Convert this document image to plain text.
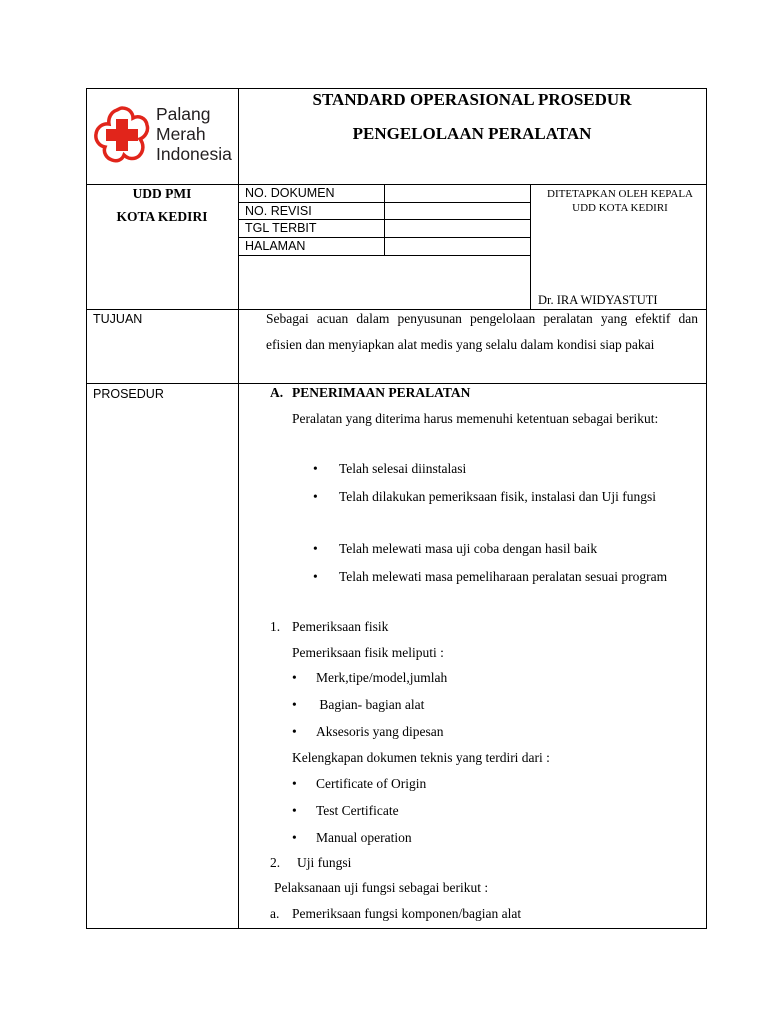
Palang
Merah
Indonesia
STANDARD OPERASIONAL PROSEDUR
PENGELOLAAN PERALATAN
UDD PMI
KOTA KEDIRI
NO. DOKUMEN
NO. REVISI
TGL TERBIT
HALAMAN
DITETAPKAN OLEH KEPALA UDD KOTA KEDIRI
Dr. IRA WIDYASTUTI
TUJUAN	Sebagai acuan dalam penyusunan pengelolaan peralatan yang efektif dan efisien dan menyiapkan alat medis yang selalu dalam kondisi siap pakai
PROSEDUR	A. PENERIMAAN PERALATAN
Peralatan yang diterima harus memenuhi ketentuan sebagai berikut:
• Telah selesai diinstalasi
• Telah dilakukan pemeriksaan fisik, instalasi dan Uji fungsi
• Telah melewati masa uji coba dengan hasil baik
• Telah melewati masa pemeliharaan peralatan sesuai program
1. Pemeriksaan fisik
Pemeriksaan fisik meliputi :
• Merk,tipe/model,jumlah
• Bagian- bagian alat
• Aksesoris yang dipesan
Kelengkapan dokumen teknis yang terdiri dari :
• Certificate of Origin
• Test Certificate
• Manual operation
2. Uji fungsi
Pelaksanaan uji fungsi sebagai berikut :
a. Pemeriksaan fungsi komponen/bagian alat
